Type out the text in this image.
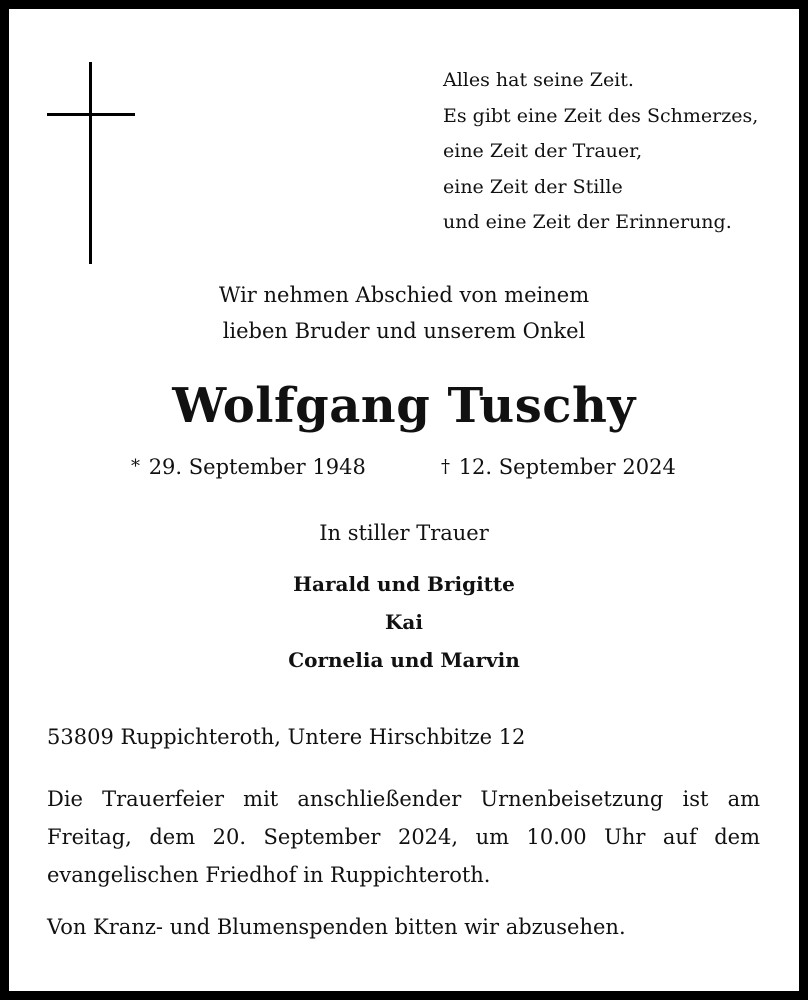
Alles hat seine Zeit.
Es gibt eine Zeit des Schmerzes,
eine Zeit der Trauer,
eine Zeit der Stille
und eine Zeit der Erinnerung.
Wir nehmen Abschied von meinem
lieben Bruder und unserem Onkel
Wolfgang Tuschy
* 29. September 1948	† 12. September 2024
In stiller Trauer
Harald und Brigitte
Kai
Cornelia und Marvin
53809 Ruppichteroth, Untere Hirschbitze 12
Die Trauerfeier mit anschließender Urnenbeisetzung ist am
Freitag, dem 20. September 2024, um 10.00 Uhr auf dem
evangelischen Friedhof in Ruppichteroth.
Von Kranz- und Blumenspenden bitten wir abzusehen.
